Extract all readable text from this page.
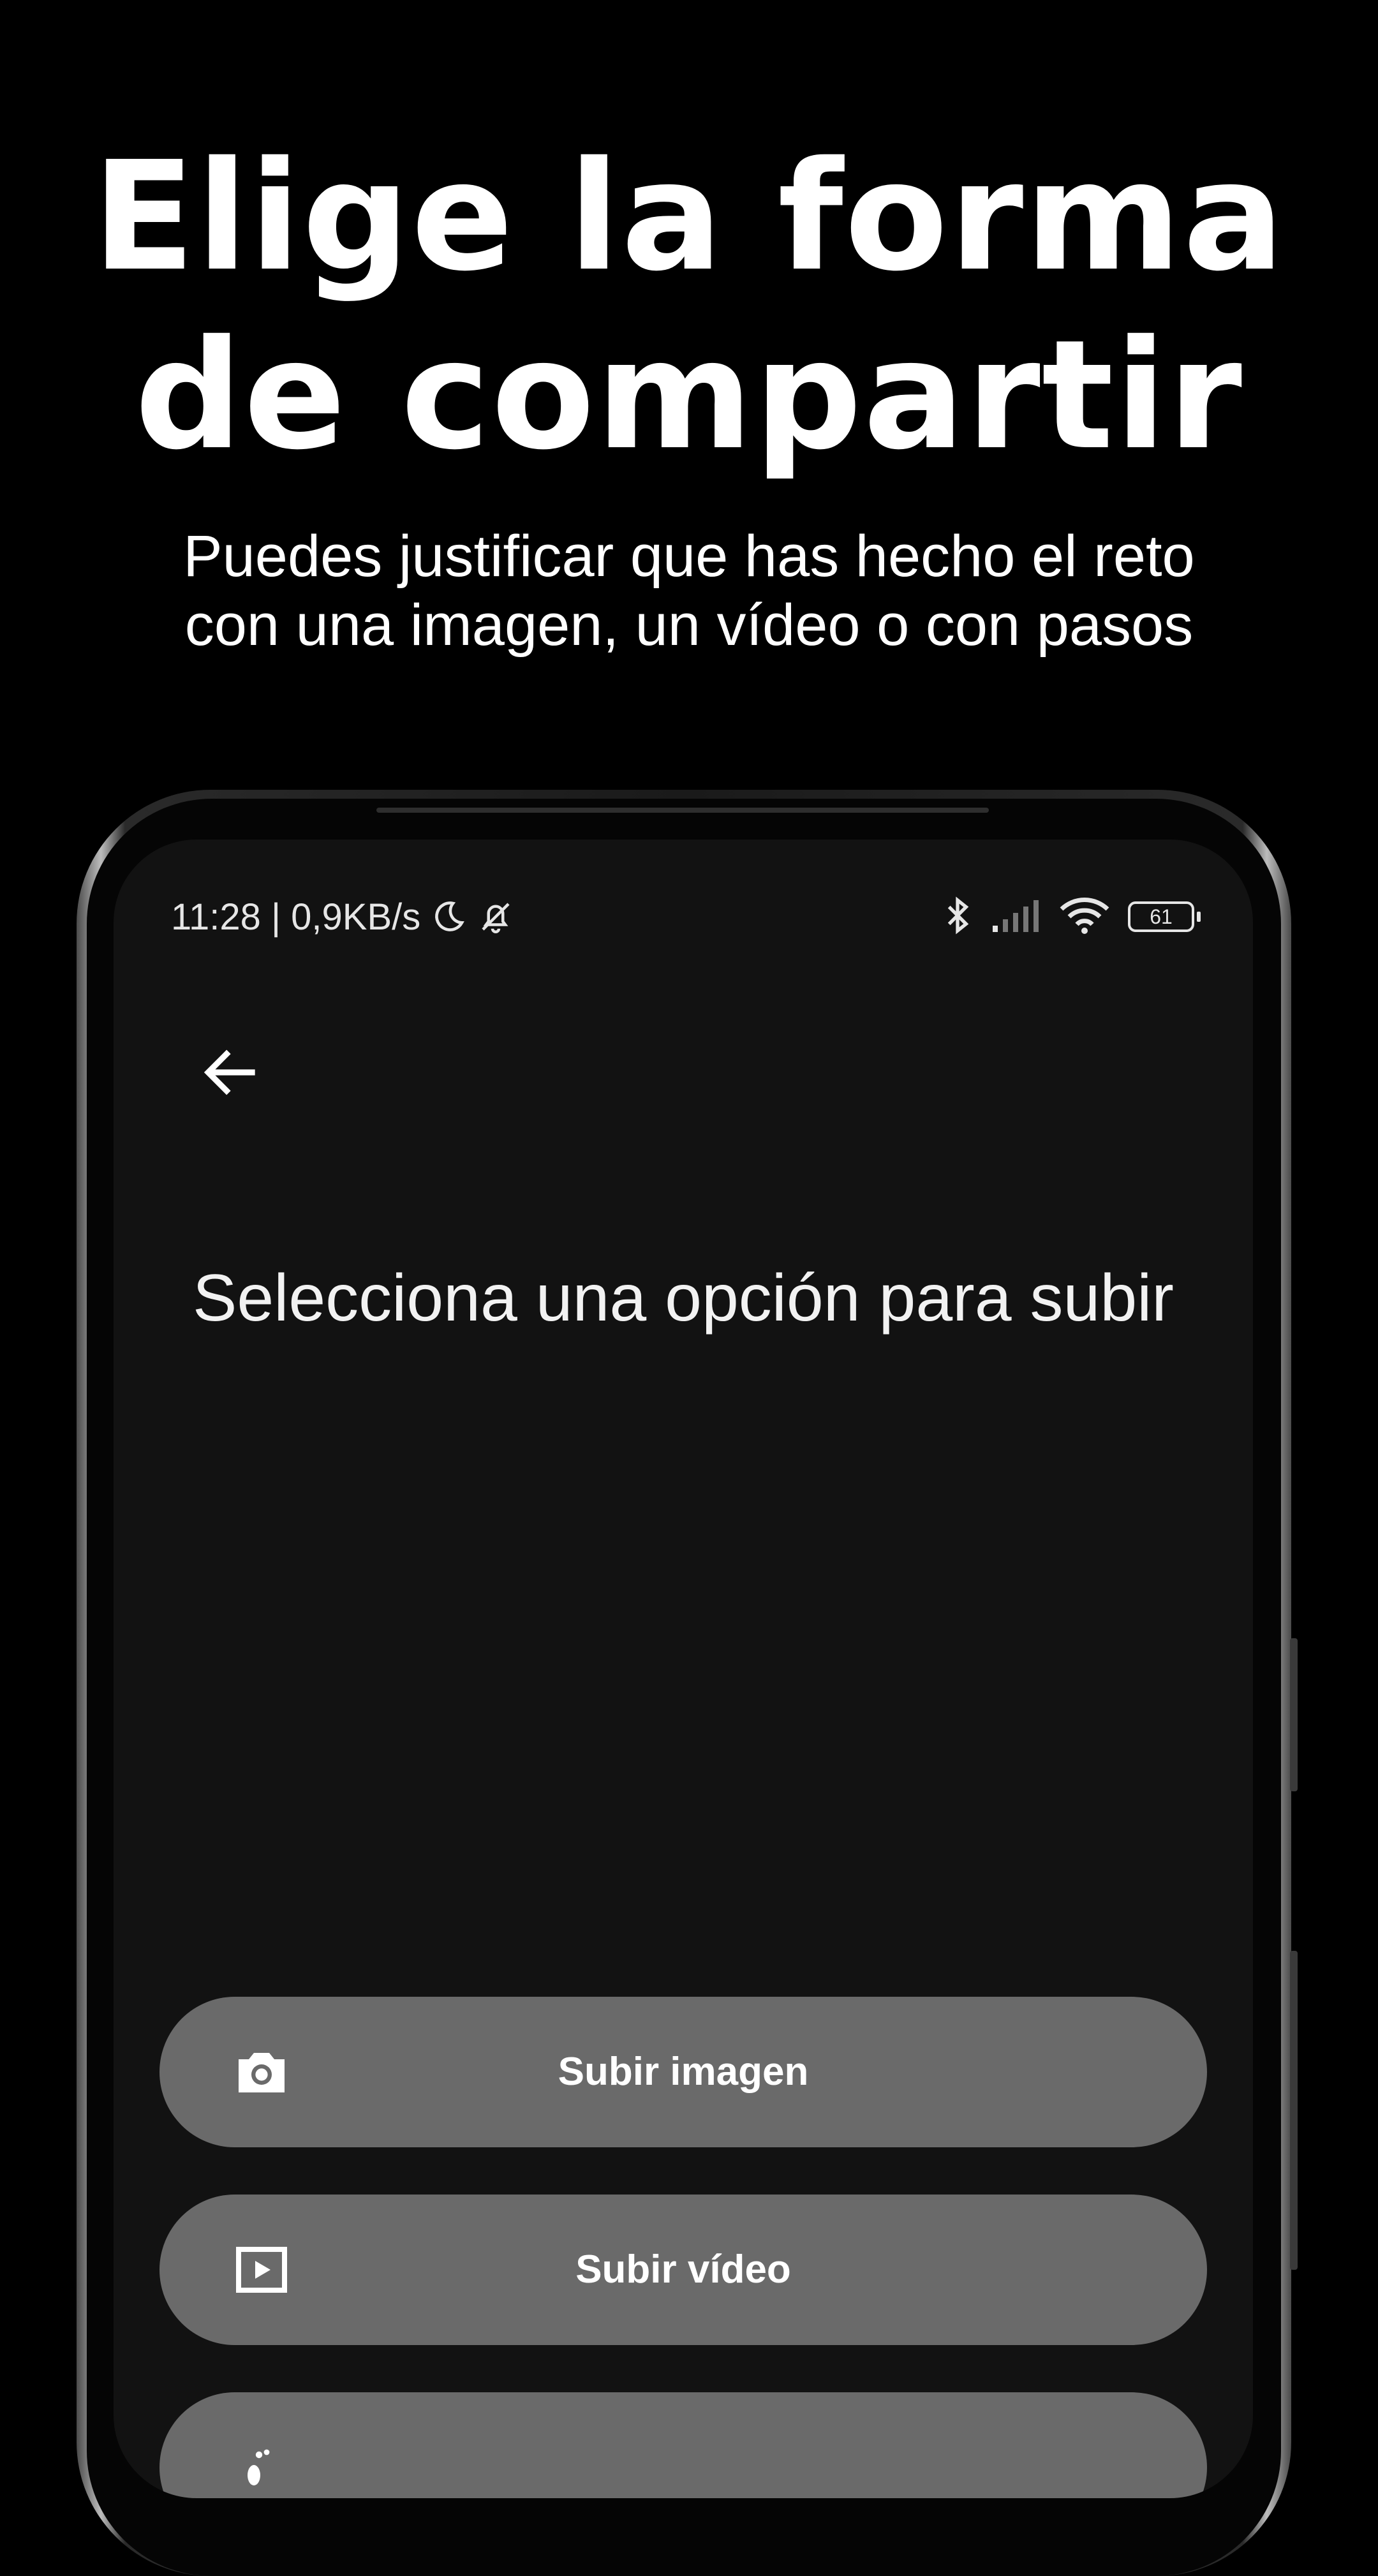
Elige la forma
de compartir
Puedes justificar que has hecho el reto
con una imagen, un vídeo o con pasos
11:28 | 0,9KB/s	61
Selecciona una opción para subir
Subir imagen
Subir vídeo
